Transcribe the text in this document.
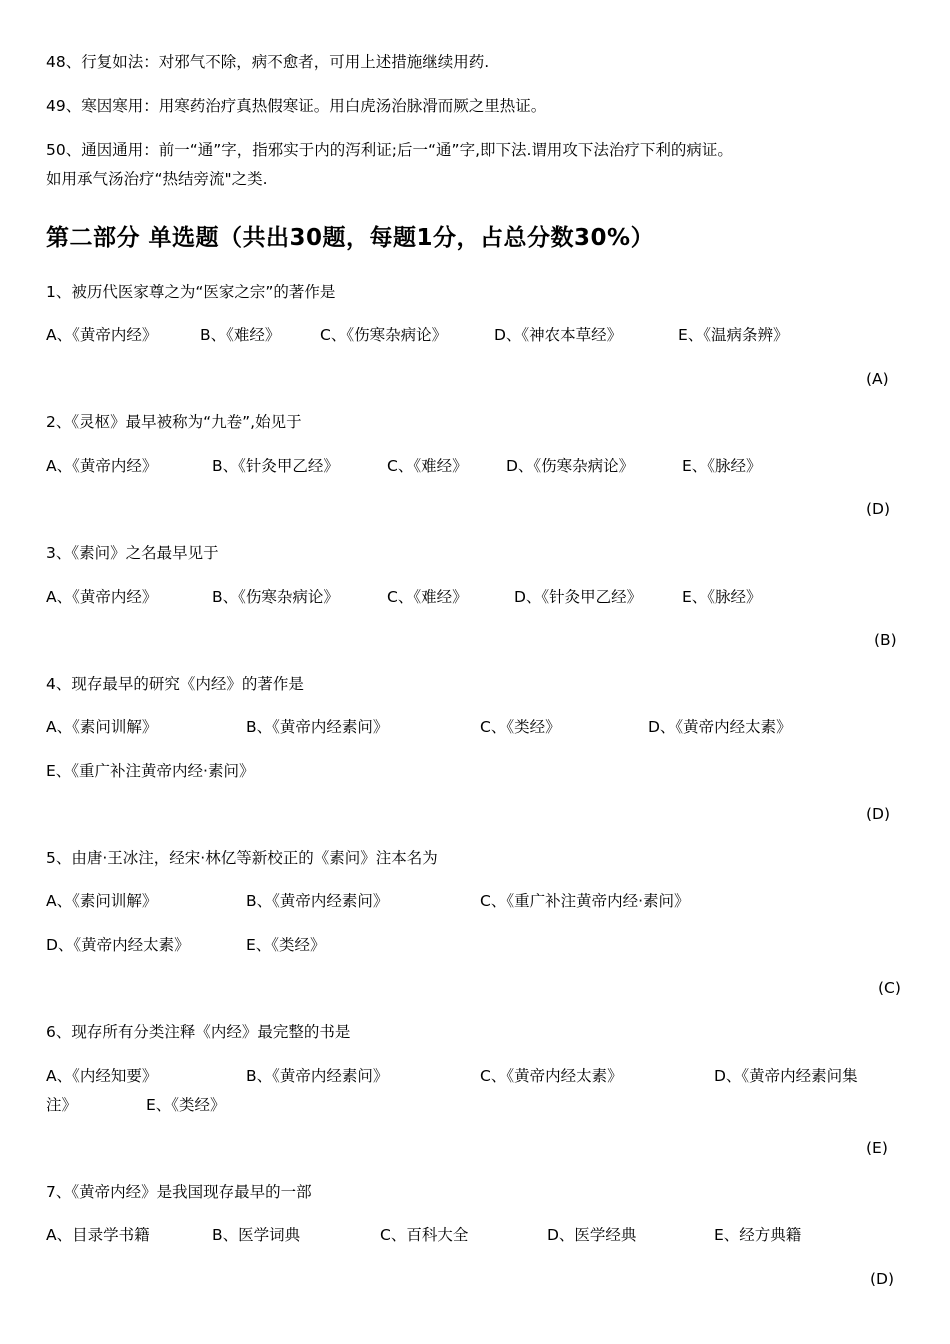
48、行复如法：对邪气不除，病不愈者，可用上述措施继续用药.
49、寒因寒用：用寒药治疗真热假寒证。用白虎汤治脉滑而厥之里热证。
50、通因通用：前一“通”字，指邪实于内的泻利证;后一“通”字,即下法.谓用攻下法治疗下利的病证。
如用承气汤治疗“热结旁流"之类.
第二部分 单选题（共出30题，每题1分，占总分数30%）
1、被历代医家尊之为“医家之宗”的著作是
A、《黄帝内经》	B、《难经》	C、《伤寒杂病论》	D、《神农本草经》	E、《温病条辨》
(A)
2、《灵枢》最早被称为“九卷”,始见于
A、《黄帝内经》	B、《针灸甲乙经》	C、《难经》 D、《伤寒杂病论》	E、《脉经》
(D)
3、《素问》之名最早见于
A、《黄帝内经》	B、《伤寒杂病论》	C、《难经》	D、《针灸甲乙经》	E、《脉经》
(B)
4、现存最早的研究《内经》的著作是
A、《素问训解》	B、《黄帝内经素问》	C、《类经》	D、《黄帝内经太素》
E、《重广补注黄帝内经·素问》
(D)
5、由唐·王冰注，经宋·林亿等新校正的《素问》注本名为
A、《素问训解》	B、《黄帝内经素问》	C、《重广补注黄帝内经·素问》
D、《黄帝内经太素》	E、《类经》
(C)
6、现存所有分类注释《内经》最完整的书是
A、《内经知要》	B、《黄帝内经素问》	C、《黄帝内经太素》	D、《黄帝内经素问集
注》	E、《类经》
(E)
7、《黄帝内经》是我国现存最早的一部
A、目录学书籍	B、医学词典	C、百科大全	D、医学经典	E、经方典籍
(D)
